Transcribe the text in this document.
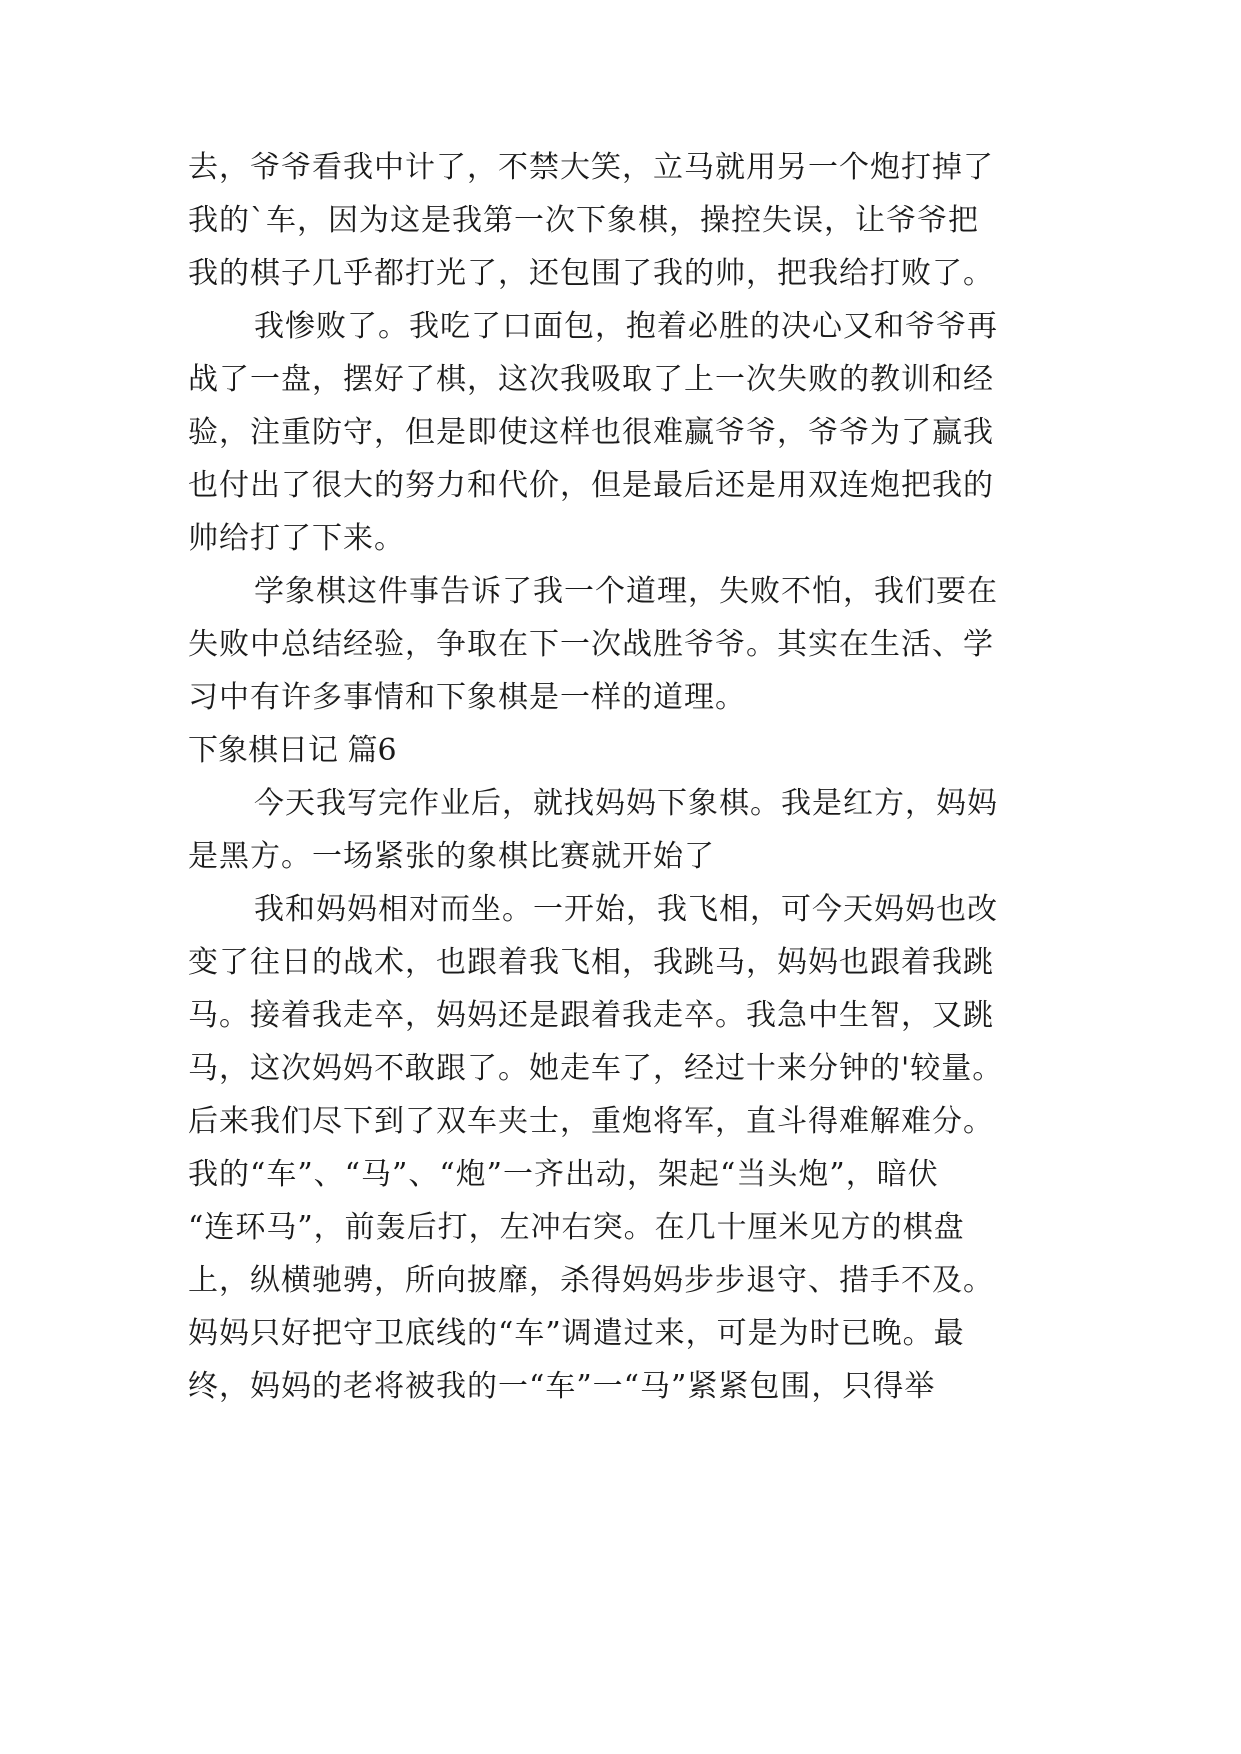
去，爷爷看我中计了，不禁大笑，立马就用另一个炮打掉了
我的`车，因为这是我第一次下象棋，操控失误，让爷爷把
我的棋子几乎都打光了，还包围了我的帅，把我给打败了。
我惨败了。我吃了口面包，抱着必胜的决心又和爷爷再
战了一盘，摆好了棋，这次我吸取了上一次失败的教训和经
验，注重防守，但是即使这样也很难赢爷爷，爷爷为了赢我
也付出了很大的努力和代价，但是最后还是用双连炮把我的
帅给打了下来。
学象棋这件事告诉了我一个道理，失败不怕，我们要在
失败中总结经验，争取在下一次战胜爷爷。其实在生活、学
习中有许多事情和下象棋是一样的道理。
下象棋日记 篇6
今天我写完作业后，就找妈妈下象棋。我是红方，妈妈
是黑方。一场紧张的象棋比赛就开始了
我和妈妈相对而坐。一开始，我飞相，可今天妈妈也改
变了往日的战术，也跟着我飞相，我跳马，妈妈也跟着我跳
马。接着我走卒，妈妈还是跟着我走卒。我急中生智，又跳
马，这次妈妈不敢跟了。她走车了，经过十来分钟的'较量。
后来我们尽下到了双车夹士，重炮将军，直斗得难解难分。
我的“车”、“马”、“炮”一齐出动，架起“当头炮”，暗伏
“连环马”，前轰后打，左冲右突。在几十厘米见方的棋盘
上，纵横驰骋，所向披靡，杀得妈妈步步退守、措手不及。
妈妈只好把守卫底线的“车”调遣过来，可是为时已晚。最
终，妈妈的老将被我的一“车”一“马”紧紧包围，只得举
